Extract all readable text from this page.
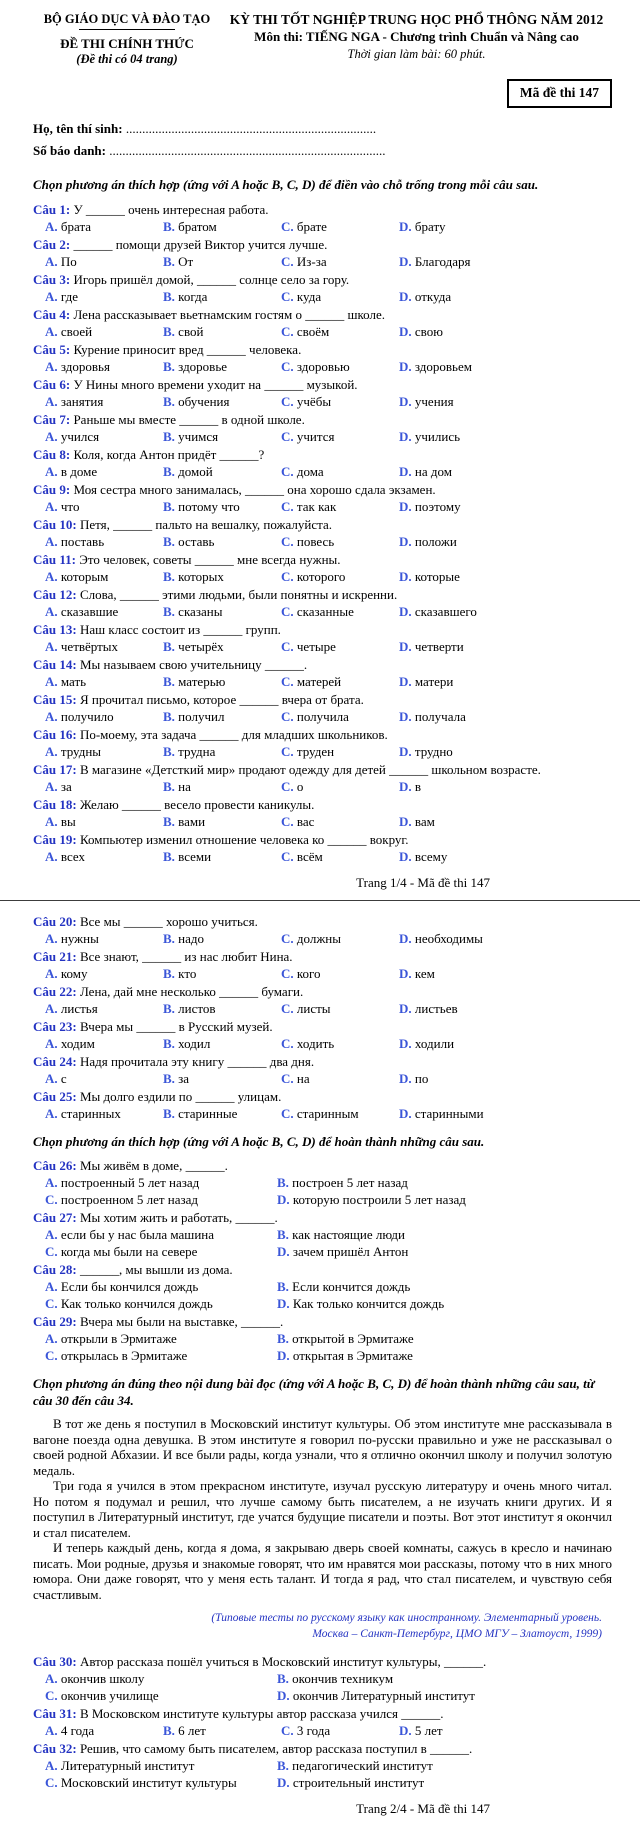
BỘ GIÁO DỤC VÀ ĐÀO TẠO
ĐỀ THI CHÍNH THỨC
(Đề thi có 04 trang)
KỲ THI TỐT NGHIỆP TRUNG HỌC PHỔ THÔNG NĂM 2012
Môn thi: TIẾNG NGA - Chương trình Chuẩn và Nâng cao
Thời gian làm bài: 60 phút.
Mã đề thi 147
Họ, tên thí sinh: .............................................................................
Số báo danh: .....................................................................................

Chọn phương án thích hợp (ứng với A hoặc B, C, D) để điền vào chỗ trống trong mỗi câu sau.

Câu 1: У ______ очень интересная работа.
A. брата	B. братом	C. брате	D. брату
Câu 2: ______ помощи друзей Виктор учится лучше.
A. По	B. От	C. Из-за	D. Благодаря
Câu 3: Игорь пришёл домой, ______ солнце село за гору.
A. где	B. когда	C. куда	D. откуда
Câu 4: Лена рассказывает вьетнамским гостям о ______ школе.
A. своей	B. свой	C. своём	D. свою
Câu 5: Курение приносит вред ______ человека.
A. здоровья	B. здоровье	C. здоровью	D. здоровьем
Câu 6: У Нины много времени уходит на ______ музыкой.
A. занятия	B. обучения	C. учёбы	D. учения
Câu 7: Раньше мы вместе ______ в одной школе.
A. учился	B. учимся	C. учится	D. учились
Câu 8: Коля, когда Антон придёт ______?
A. в доме	B. домой	C. дома	D. на дом
Câu 9: Моя сестра много занималась, ______ она хорошо сдала экзамен.
A. что	B. потому что	C. так как	D. поэтому
Câu 10: Петя, ______ пальто на вешалку, пожалуйста.
A. поставь	B. оставь	C. повесь	D. положи
Câu 11: Это человек, советы ______ мне всегда нужны.
A. которым	B. которых	C. которого	D. которые
Câu 12: Слова, ______ этими людьми, были понятны и искренни.
A. сказавшие	B. сказаны	C. сказанные	D. сказавшего
Câu 13: Наш класс состоит из ______ групп.
A. четвёртых	B. четырёх	C. четыре	D. четверти
Câu 14: Мы называем свою учительницу ______.
A. мать	B. матерью	C. матерей	D. матери
Câu 15: Я прочитал письмо, которое ______ вчера от брата.
A. получило	B. получил	C. получила	D. получала
Câu 16: По-моему, эта задача ______ для младших школьников.
A. трудны	B. трудна	C. труден	D. трудно
Câu 17: В магазине «Детсткий мир» продают одежду для детей ______ школьном возрасте.
A. за	B. на	C. о	D. в
Câu 18: Желаю ______ весело провести каникулы.
A. вы	B. вами	C. вас	D. вам
Câu 19: Компьютер изменил отношение человека ко ______ вокруг.
A. всех	B. всеми	C. всём	D. всему
Trang 1/4 - Mã đề thi 147
Câu 20: Все мы ______ хорошо учиться.
A. нужны	B. надо	C. должны	D. необходимы
Câu 21: Все знают, ______ из нас любит Нина.
A. кому	B. кто	C. кого	D. кем
Câu 22: Лена, дай мне несколько ______ бумаги.
A. листья	B. листов	C. листы	D. листьев
Câu 23: Вчера мы ______ в Русский музей.
A. ходим	B. ходил	C. ходить	D. ходили
Câu 24: Надя прочитала эту книгу ______ два дня.
A. с	B. за	C. на	D. по
Câu 25: Мы долго ездили по ______ улицам.
A. старинных	B. старинные	C. старинным	D. старинными

Chọn phương án thích hợp (ứng với A hoặc B, C, D) để hoàn thành những câu sau.

Câu 26: Мы живём в доме, ______.
A. построенный 5 лет назад	B. построен 5 лет назад
C. построенном 5 лет назад	D. которую построили 5 лет назад
Câu 27: Мы хотим жить и работать, ______.
A. если бы у нас была машина	B. как настоящие люди
C. когда мы были на севере	D. зачем пришёл Антон
Câu 28: ______, мы вышли из дома.
A. Если бы кончился дождь	B. Если кончится дождь
C. Как только кончился дождь	D. Как только кончится дождь
Câu 29: Вчера мы были на выставке, ______.
A. открыли в Эрмитаже	B. открытой в Эрмитаже
C. открылась в Эрмитаже	D. открытая в Эрмитаже

Chọn phương án đúng theo nội dung bài đọc (ứng với A hoặc B, C, D) để hoàn thành những câu sau, từ câu 30 đến câu 34.

В тот же день я поступил в Московский институт культуры. Об этом институте мне рассказывала в вагоне поезда одна девушка. В этом институте я говорил по-русски правильно и уже не рассказывал о своей родной Абхазии. И все были рады, когда узнали, что я отлично окончил школу и получил золотую медаль.

Три года я учился в этом прекрасном институте, изучал русскую литературу и очень много читал. Но потом я подумал и решил, что лучше самому быть писателем, а не изучать книги других. И я поступил в Литературный институт, где учатся будущие писатели и поэты. Вот этот институт я окончил и стал писателем.

И теперь каждый день, когда я дома, я закрываю дверь своей комнаты, сажусь в кресло и начинаю писать. Мои родные, друзья и знакомые говорят, что им нравятся мои рассказы, потому что в них много юмора. Они даже говорят, что у меня есть талант. И тогда я рад, что стал писателем, и чувствую себя счастливым.

(Типовые тесты по русскому языку как иностранному. Элементарный уровень.
Москва – Санкт-Петербург, ЦМО МГУ – Златоуст, 1999)
Câu 30: Автор рассказа пошёл учиться в Московский институт культуры, ______.
A. окончив школу	B. окончив техникум
C. окончив училище	D. окончив Литературный институт
Câu 31: В Московском институте культуры автор рассказа учился ______.
A. 4 года	B. 6 лет	C. 3 года	D. 5 лет
Câu 32: Решив, что самому быть писателем, автор рассказа поступил в ______.
A. Литературный институт	B. педагогический институт
C. Московский институт культуры	D. строительный институт
Trang 2/4 - Mã đề thi 147
